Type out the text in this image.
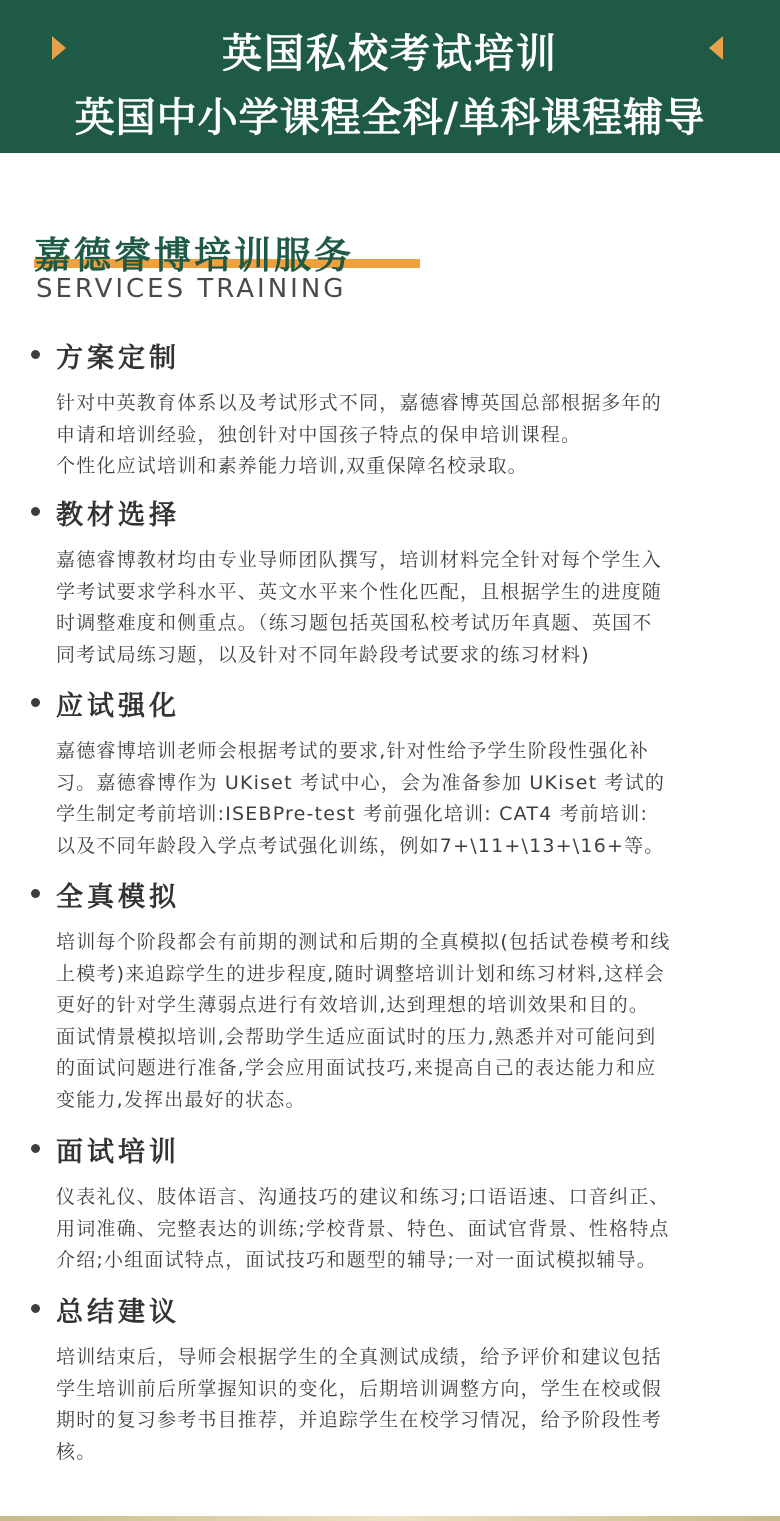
英国私校考试培训
英国中小学课程全科/单科课程辅导
嘉德睿博培训服务
SERVICES TRAINING
方案定制
针对中英教育体系以及考试形式不同，嘉德睿博英国总部根据多年的
申请和培训经验，独创针对中国孩子特点的保申培训课程。
个性化应试培训和素养能力培训,双重保障名校录取。
教材选择
嘉德睿博教材均由专业导师团队撰写，培训材料完全针对每个学生入
学考试要求学科水平、英文水平来个性化匹配，且根据学生的进度随
时调整难度和侧重点。（练习题包括英国私校考试历年真题、英国不
同考试局练习题，以及针对不同年龄段考试要求的练习材料)
应试强化
嘉德睿博培训老师会根据考试的要求,针对性给予学生阶段性强化补
习。嘉德睿博作为 UKiset 考试中心，会为准备参加 UKiset 考试的
学生制定考前培训:ISEBPre-test 考前强化培训: CAT4 考前培训:
以及不同年龄段入学点考试强化训练，例如7+\11+\13+\16+等。
全真模拟
培训每个阶段都会有前期的测试和后期的全真模拟(包括试卷模考和线
上模考)来追踪学生的进步程度,随时调整培训计划和练习材料,这样会
更好的针对学生薄弱点进行有效培训,达到理想的培训效果和目的。
面试情景模拟培训,会帮助学生适应面试时的压力,熟悉并对可能问到
的面试问题进行准备,学会应用面试技巧,来提高自己的表达能力和应
变能力,发挥出最好的状态。
面试培训
仪表礼仪、肢体语言、沟通技巧的建议和练习;口语语速、口音纠正、
用词准确、完整表达的训练;学校背景、特色、面试官背景、性格特点
介绍;小组面试特点，面试技巧和题型的辅导;一对一面试模拟辅导。
总结建议
培训结束后，导师会根据学生的全真测试成绩，给予评价和建议包括
学生培训前后所掌握知识的变化，后期培训调整方向，学生在校或假
期时的复习参考书目推荐，并追踪学生在校学习情况，给予阶段性考
核。
